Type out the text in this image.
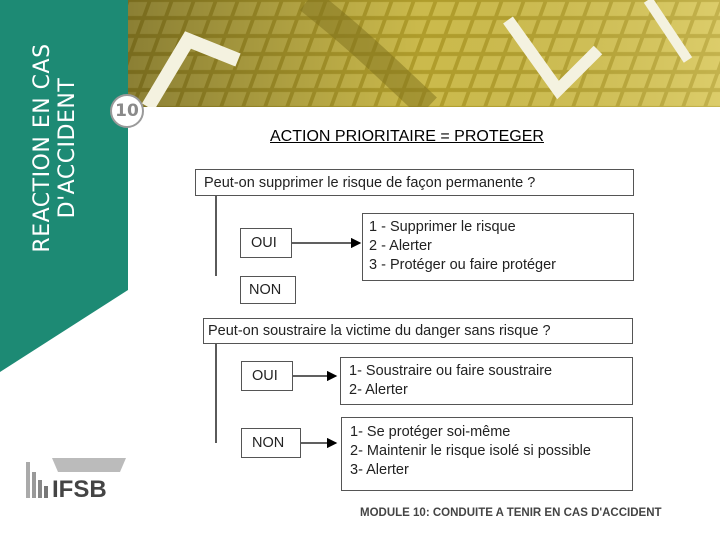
REACTION EN CAS D'ACCIDENT	10
ACTION PRIORITAIRE = PROTEGER
Peut-on supprimer le risque de façon permanente ?
OUI
1 - Supprimer le risque
2 - Alerter
3 - Protéger ou faire protéger
NON
Peut-on soustraire la victime du danger sans risque ?
OUI	1- Soustraire ou faire soustraire
2- Alerter
NON
1- Se protéger soi-même
2- Maintenir le risque isolé si possible
3- Alerter
IFSB
MODULE 10: CONDUITE A TENIR EN CAS D'ACCIDENT
